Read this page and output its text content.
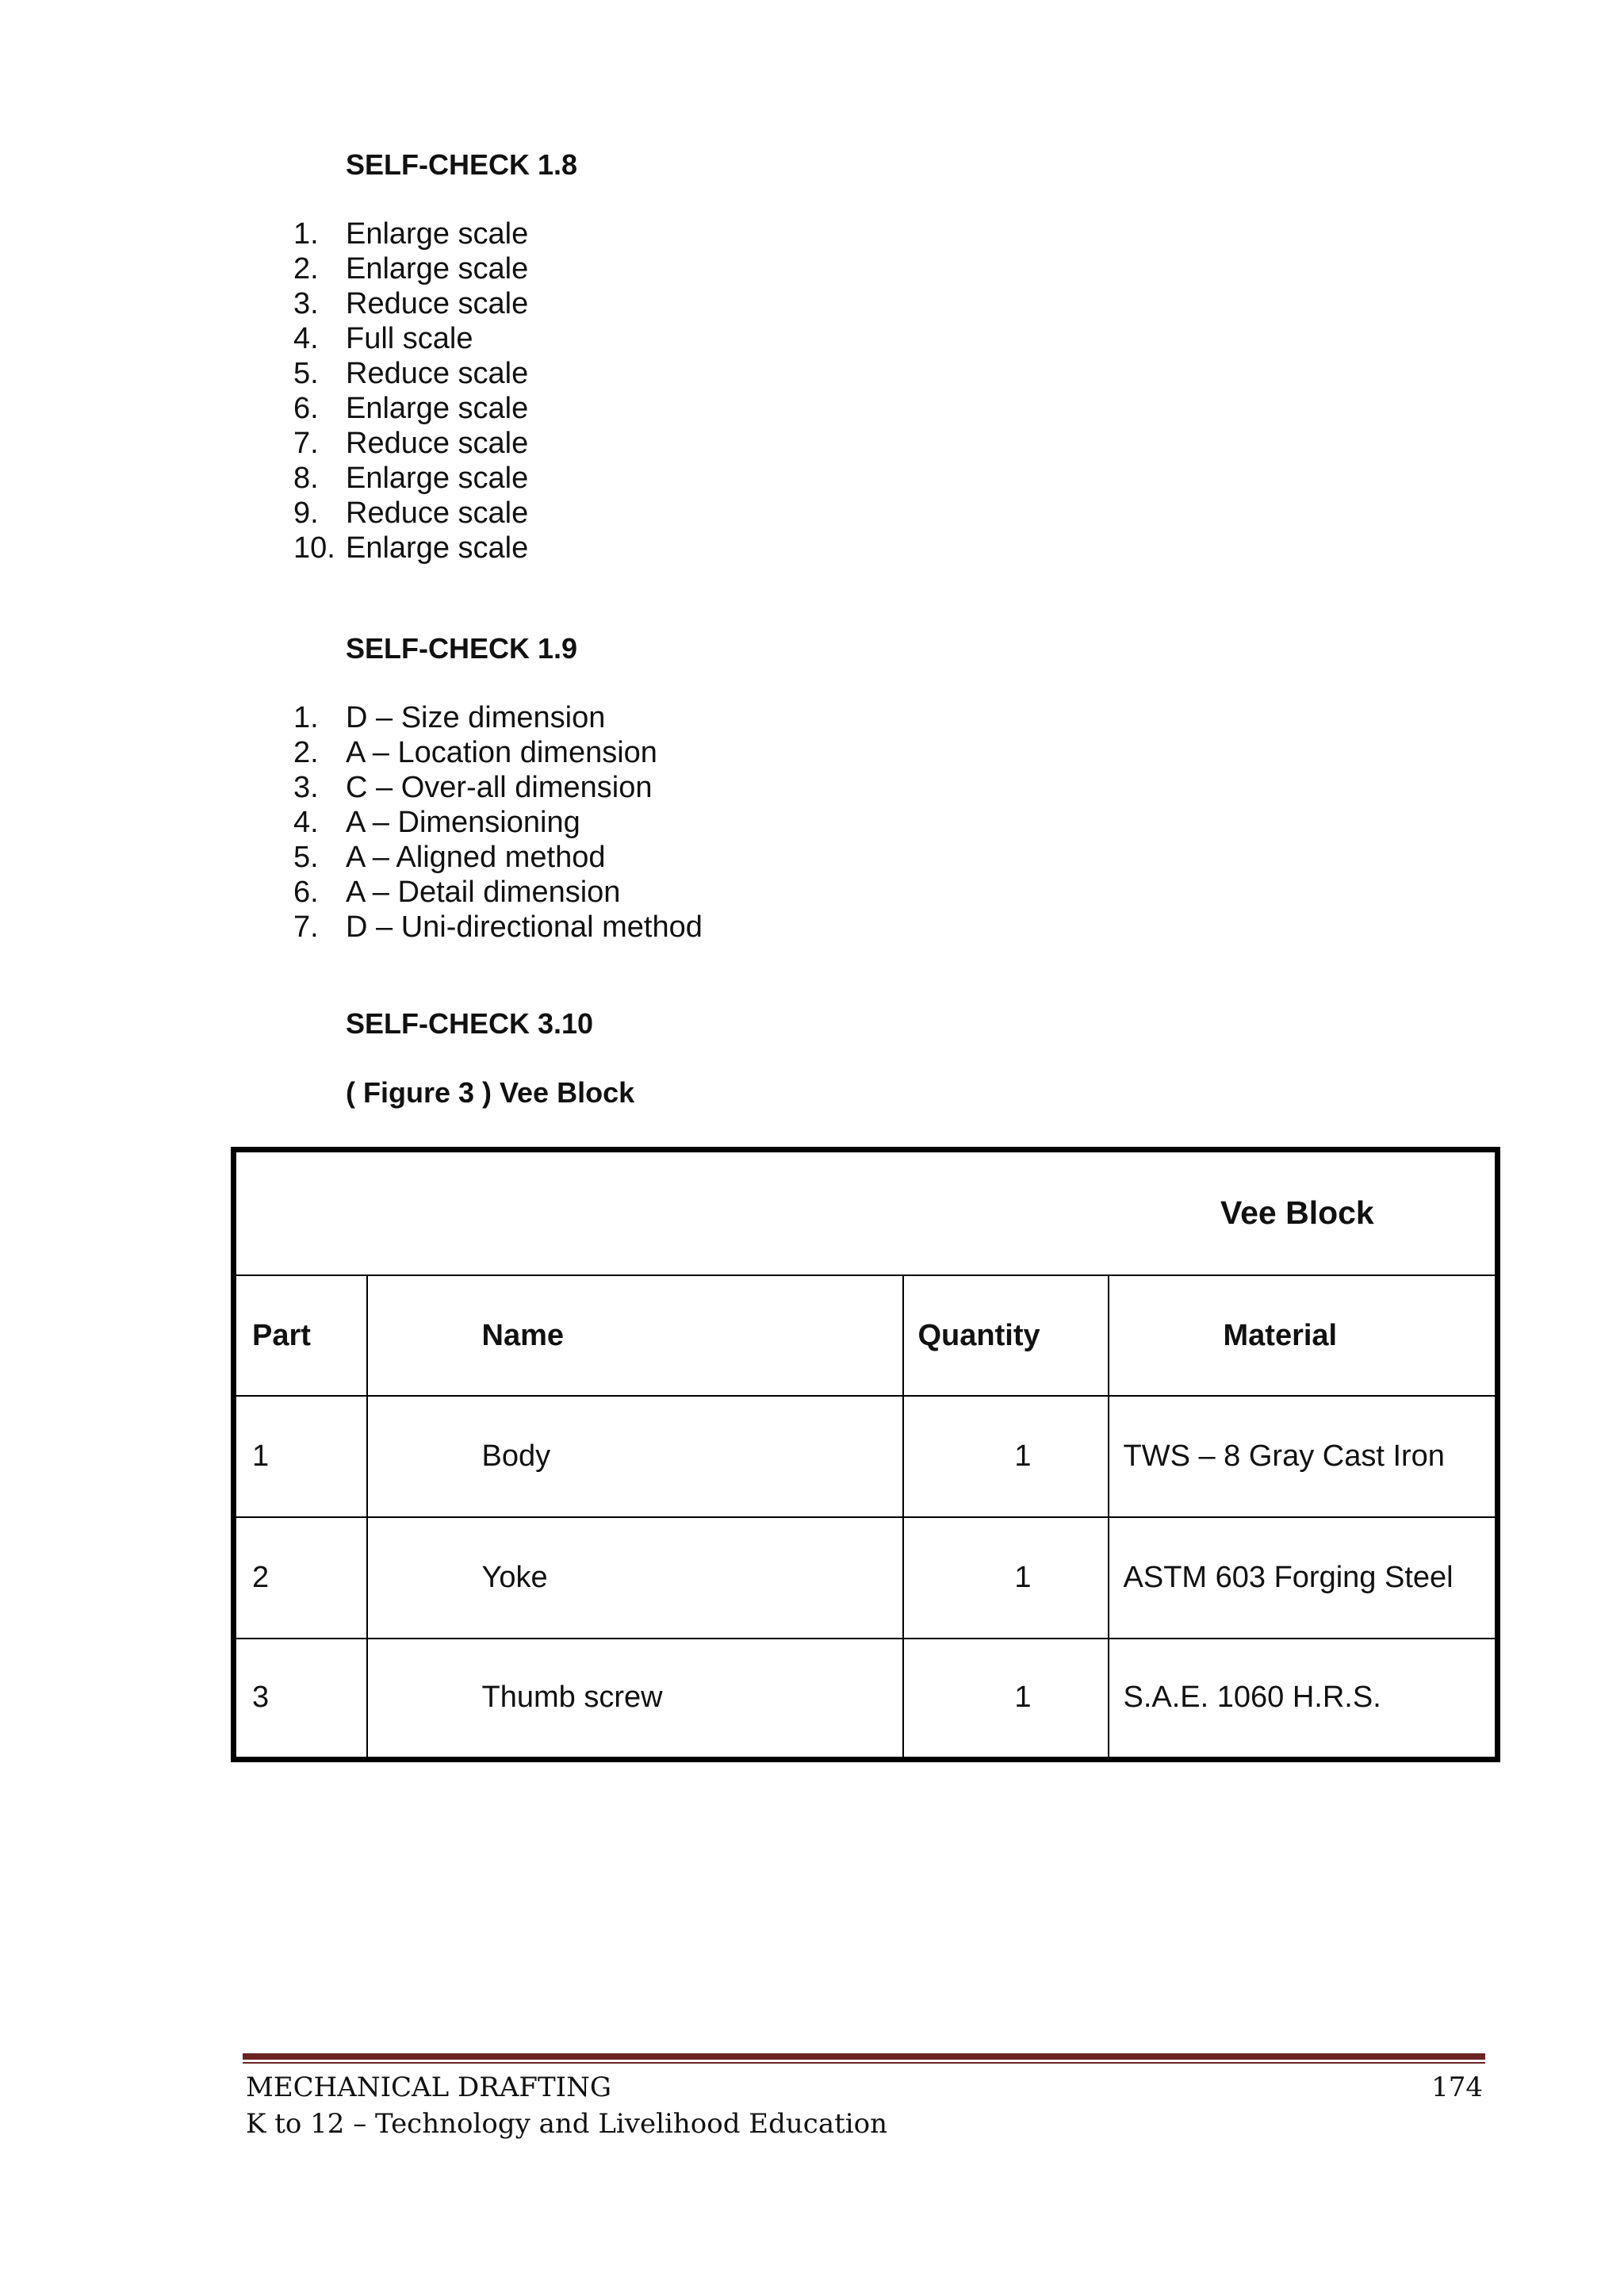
SELF-CHECK 1.8
1. Enlarge scale
2. Enlarge scale
3. Reduce scale
4. Full scale
5. Reduce scale
6. Enlarge scale
7. Reduce scale
8. Enlarge scale
9. Reduce scale
10. Enlarge scale
SELF-CHECK 1.9
1. D – Size dimension
2. A – Location dimension
3. C – Over-all dimension
4. A – Dimensioning
5. A – Aligned method
6. A – Detail dimension
7. D – Uni-directional method
SELF-CHECK 3.10
( Figure 3 ) Vee Block
Vee Block			
Part	Name	Quantity	Material
1	Body	1	TWS – 8 Gray Cast Iron
2	Yoke	1	ASTM 603 Forging Steel
3	Thumb screw	1	S.A.E. 1060 H.R.S.
MECHANICAL DRAFTING	174
K to 12 – Technology and Livelihood Education
